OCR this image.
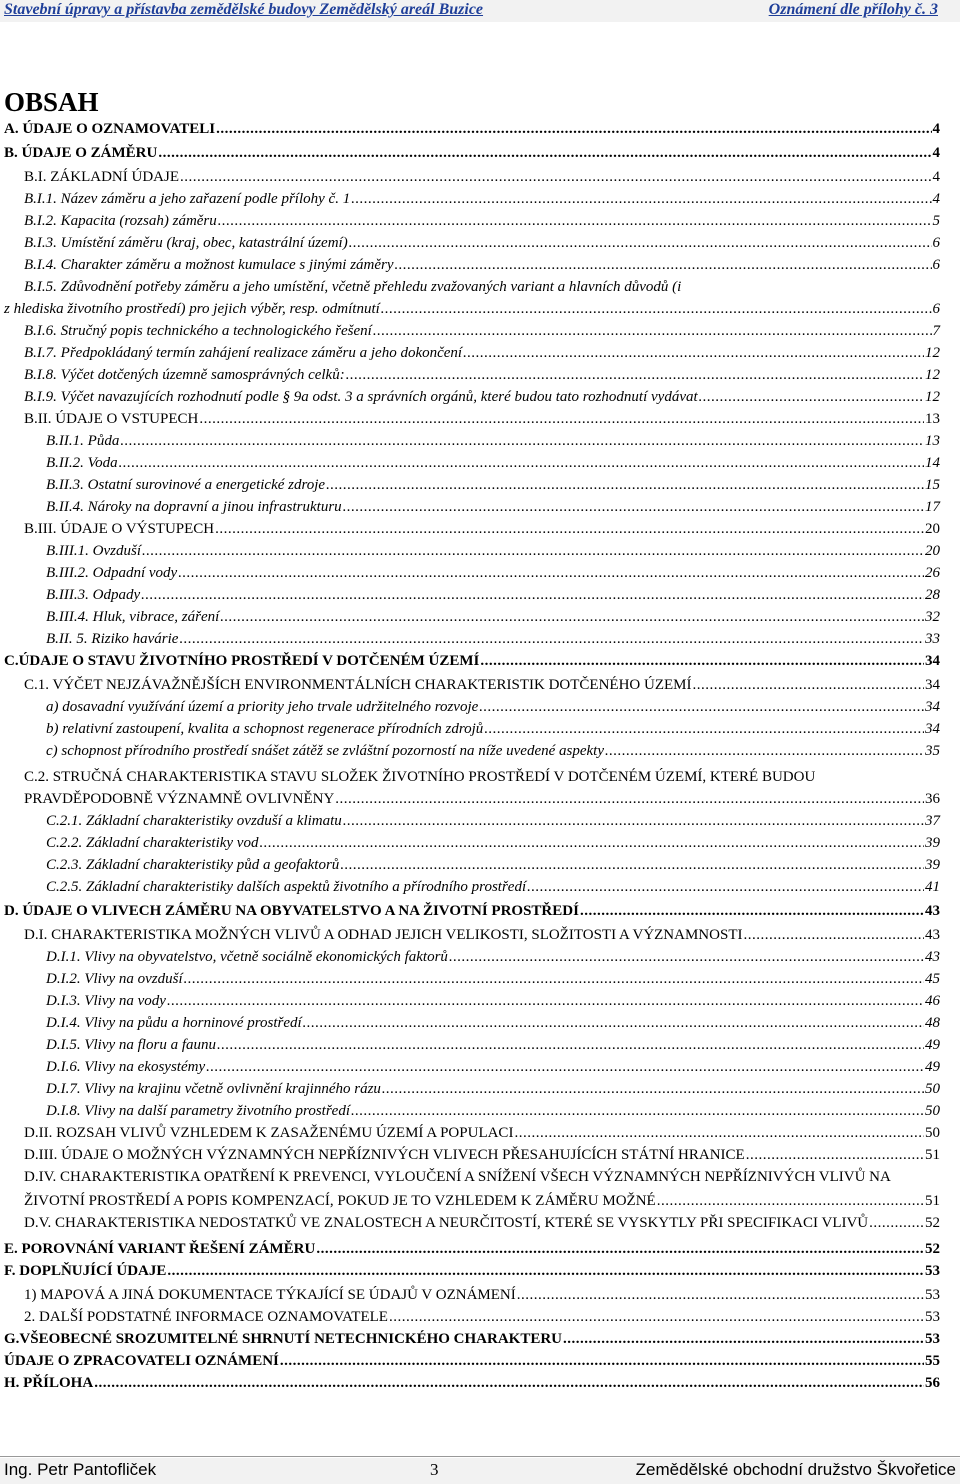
Stavební úpravy a přístavba zemědělské budovy Zemědělský areál Buzice	Oznámení dle přílohy č. 3
OBSAH
A. ÚDAJE O OZNAMOVATELI .....	4
B. ÚDAJE O ZÁMĚRU .....	4
B.I. ZÁKLADNÍ ÚDAJE .....	4
B.I.1. Název záměru a jeho zařazení podle přílohy č. 1 .....	4
B.I.2. Kapacita (rozsah) záměru .....	5
B.I.3. Umístění záměru (kraj, obec, katastrální území) .....	6
B.I.4. Charakter záměru a možnost kumulace s jinými záměry .....	6
B.I.5. Zdůvodnění potřeby záměru a jeho umístění, včetně přehledu zvažovaných variant a hlavních důvodů (i
z hlediska životního prostředí) pro jejich výběr, resp. odmítnutí .....	6
B.I.6. Stručný popis technického a technologického řešení .....	7
B.I.7. Předpokládaný termín zahájení realizace záměru a jeho dokončení .....	12
B.I.8. Výčet dotčených územně samosprávných celků: .....	12
B.I.9. Výčet navazujících rozhodnutí podle § 9a odst. 3 a správních orgánů, které budou tato rozhodnutí vydávat .....	12
B.II. ÚDAJE O VSTUPECH .....	13
B.II.1. Půda .....	13
B.II.2. Voda .....	14
B.II.3. Ostatní surovinové a energetické zdroje .....	15
B.II.4. Nároky na dopravní a jinou infrastrukturu .....	17
B.III. ÚDAJE O VÝSTUPECH .....	20
B.III.1. Ovzduší .....	20
B.III.2. Odpadní vody .....	26
B.III.3. Odpady .....	28
B.III.4. Hluk, vibrace, záření .....	32
B.II. 5. Riziko havárie .....	33
C.ÚDAJE O STAVU ŽIVOTNÍHO PROSTŘEDÍ V DOTČENÉM ÚZEMÍ .....	34
C.1. VÝČET NEJZÁVAŽNĚJŠÍCH ENVIRONMENTÁLNÍCH CHARAKTERISTIK DOTČENÉHO ÚZEMÍ .....	34
a) dosavadní využívání území a priority jeho trvale udržitelného rozvoje .....	34
b) relativní zastoupení, kvalita a schopnost regenerace přírodních zdrojů .....	34
c) schopnost přírodního prostředí snášet zátěž se zvláštní pozorností na níže uvedené aspekty .....	35
C.2. STRUČNÁ CHARAKTERISTIKA STAVU SLOŽEK ŽIVOTNÍHO PROSTŘEDÍ V DOTČENÉM ÚZEMÍ, KTERÉ BUDOU
PRAVDĚPODOBNĚ VÝZNAMNĚ OVLIVNĚNY .....	36
C.2.1. Základní charakteristiky ovzduší a klimatu .....	37
C.2.2. Základní charakteristiky vod .....	39
C.2.3. Základní charakteristiky půd a geofaktorů .....	39
C.2.5. Základní charakteristiky dalších aspektů životního a přírodního prostředí .....	41
D. ÚDAJE O VLIVECH ZÁMĚRU NA OBYVATELSTVO A NA ŽIVOTNÍ PROSTŘEDÍ .....	43
D.I. CHARAKTERISTIKA MOŽNÝCH VLIVŮ A ODHAD JEJICH VELIKOSTI, SLOŽITOSTI A VÝZNAMNOSTI .....	43
D.I.1. Vlivy na obyvatelstvo, včetně sociálně ekonomických faktorů .....	43
D.I.2. Vlivy na ovzduší .....	45
D.I.3. Vlivy na vody .....	46
D.I.4. Vlivy na půdu a horninové prostředí .....	48
D.I.5. Vlivy na floru a faunu .....	49
D.I.6. Vlivy na ekosystémy .....	49
D.I.7. Vlivy na krajinu včetně ovlivnění krajinného rázu .....	50
D.I.8. Vlivy na další parametry životního prostředí .....	50
D.II. ROZSAH VLIVŮ VZHLEDEM K ZASAŽENÉMU ÚZEMÍ A POPULACI .....	50
D.III. ÚDAJE O MOŽNÝCH VÝZNAMNÝCH NEPŘÍZNIVÝCH VLIVECH PŘESAHUJÍCÍCH STÁTNÍ HRANICE .....	51
D.IV. CHARAKTERISTIKA OPATŘENÍ K PREVENCI, VYLOUČENÍ A SNÍŽENÍ VŠECH VÝZNAMNÝCH NEPŘÍZNIVÝCH VLIVŮ NA
ŽIVOTNÍ PROSTŘEDÍ A POPIS KOMPENZACÍ, POKUD JE TO VZHLEDEM K ZÁMĚRU MOŽNÉ .....	51
D.V. CHARAKTERISTIKA NEDOSTATKŮ VE ZNALOSTECH A NEURČITOSTÍ, KTERÉ SE VYSKYTLY PŘI SPECIFIKACI VLIVŮ .....	52
E. POROVNÁNÍ VARIANT ŘEŠENÍ ZÁMĚRU .....	52
F. DOPLŇUJÍCÍ ÚDAJE .....	53
1) MAPOVÁ A JINÁ DOKUMENTACE TÝKAJÍCÍ SE ÚDAJŮ V OZNÁMENÍ .....	53
2. DALŠÍ PODSTATNÉ INFORMACE OZNAMOVATELE .....	53
G.VŠEOBECNÉ SROZUMITELNÉ SHRNUTÍ NETECHNICKÉHO CHARAKTERU .....	53
ÚDAJE O ZPRACOVATELI OZNÁMENÍ .....	55
H. PŘÍLOHA .....	56
Ing. Petr Pantofliček	3	Zemědělské obchodní družstvo Škvořetice
